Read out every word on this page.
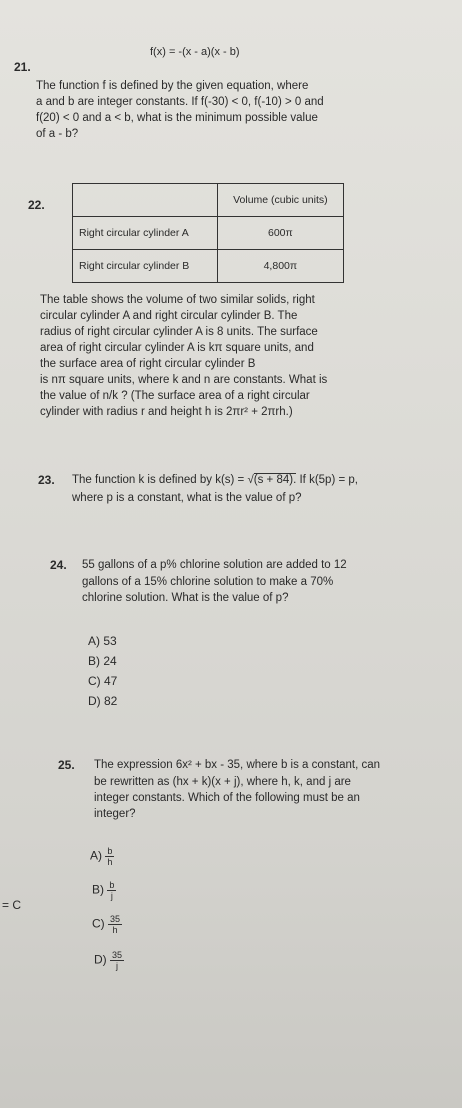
21.
f(x) = -(x - a)(x - b)
The function f is defined by the given equation, where
a and b are integer constants. If f(-30) < 0, f(-10) > 0 and
f(20) < 0 and a < b, what is the minimum possible value
of a - b?
22.
		Volume (cubic units)
Right circular cylinder A	600π
Right circular cylinder B	4,800π
The table shows the volume of two similar solids, right
circular cylinder A and right circular cylinder B. The
radius of right circular cylinder A is 8 units. The surface
area of right circular cylinder A is kπ square units, and
the surface area of right circular cylinder B
is nπ square units, where k and n are constants. What is
the value of n/k ? (The surface area of a right circular
cylinder with radius r and height h is 2πr² + 2πrh.)
23. The function k is defined by k(s) = √(s + 84). If k(5p) = p,
where p is a constant, what is the value of p?
24. 55 gallons of a p% chlorine solution are added to 12
gallons of a 15% chlorine solution to make a 70%
chlorine solution. What is the value of p?
A) 53
B) 24
C) 47
D) 82
25. The expression 6x² + bx - 35, where b is a constant, can
be rewritten as (hx + k)(x + j), where h, k, and j are
integer constants. Which of the following must be an
integer?
$A) \frac{b}{h}$
$B) \frac{b}{j}$
$C) \frac{35}{h}$
$D) \frac{35}{j}$
= C
